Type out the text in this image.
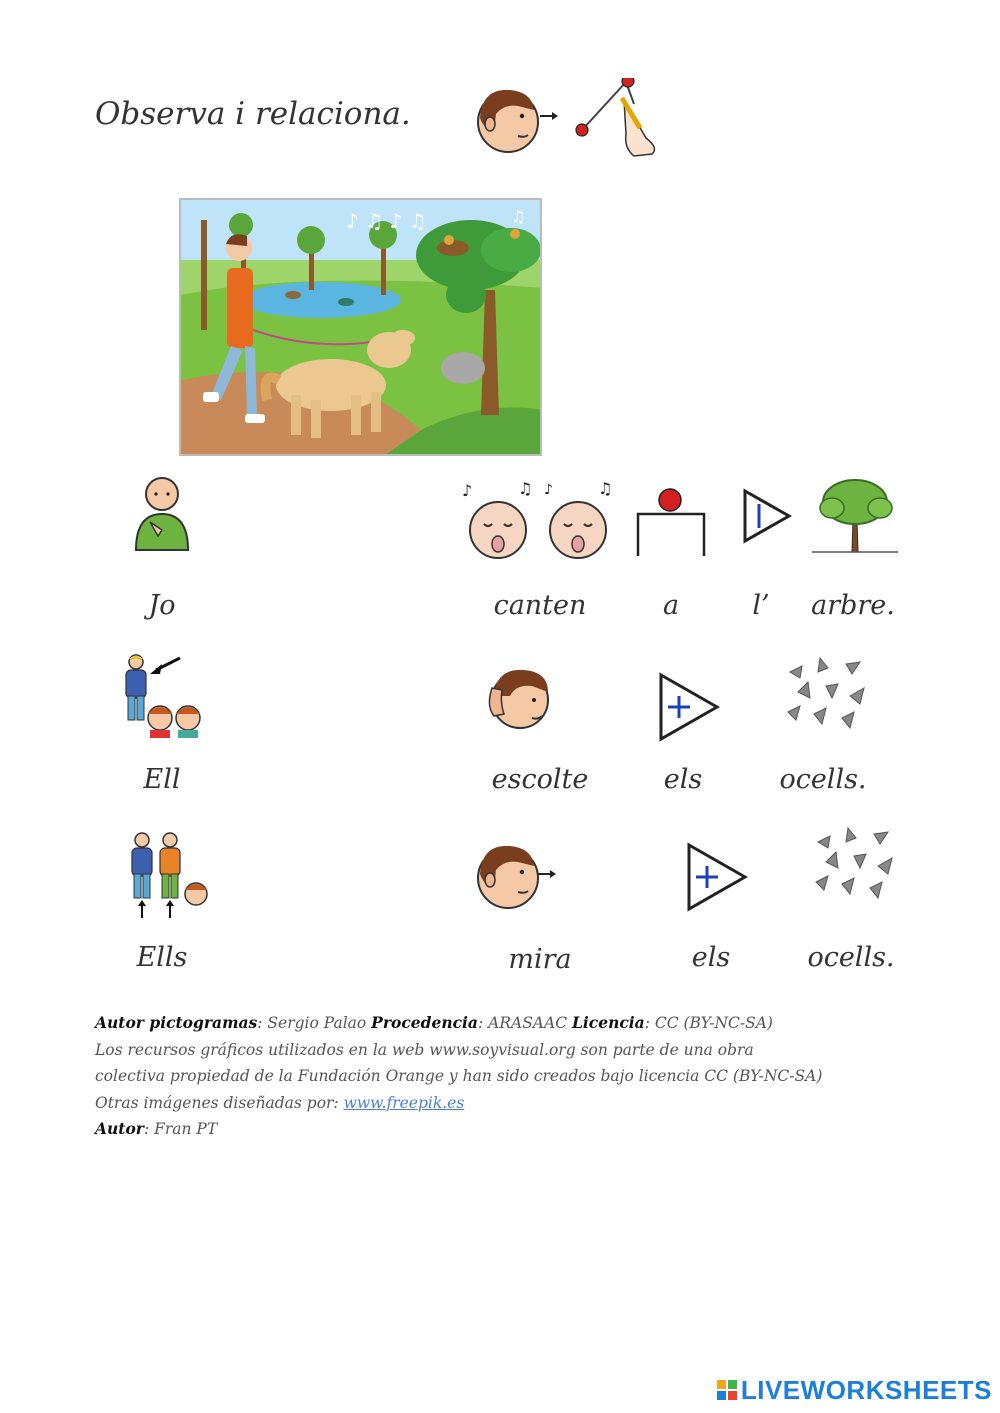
Observa i relaciona.
♪ ♫ ♪ ♫	♫
♪	♫ ♪	♫
Jo	canten	a	l’	arbre.
Ell	escolte	els	ocells.
Ells	mira	els	ocells.
Autor pictogramas: Sergio Palao Procedencia: ARASAAC Licencia: CC (BY-NC-SA)
Los recursos gráficos utilizados en la web www.soyvisual.org son parte de una obra
colectiva propiedad de la Fundación Orange y han sido creados bajo licencia CC (BY-NC-SA)
Otras imágenes diseñadas por: www.freepik.es
Autor: Fran PT
LIVEWORKSHEETS
